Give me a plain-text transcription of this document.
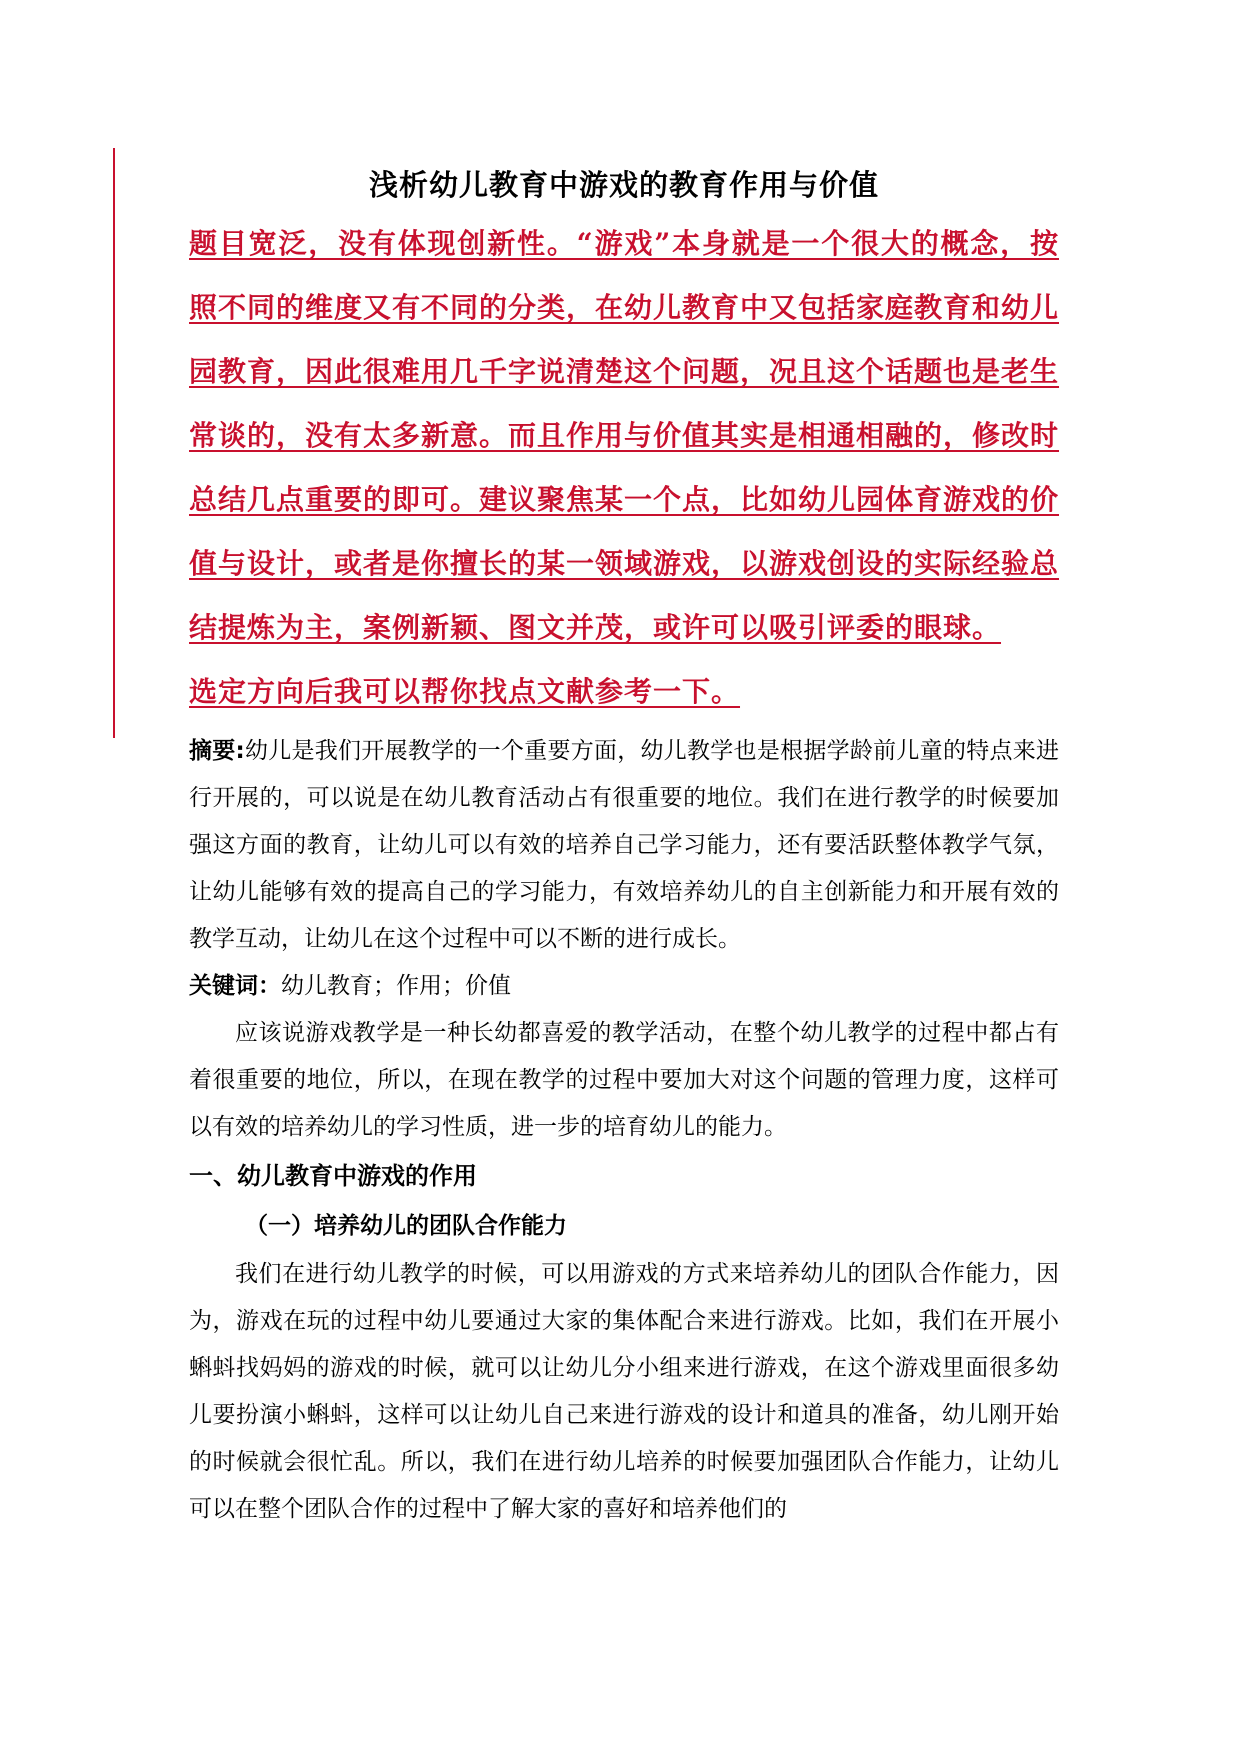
浅析幼儿教育中游戏的教育作用与价值

题目宽泛，没有体现创新性。“游戏”本身就是一个很大的概念，按照不同的维度又有不同的分类，在幼儿教育中又包括家庭教育和幼儿园教育，因此很难用几千字说清楚这个问题，况且这个话题也是老生常谈的，没有太多新意。而且作用与价值其实是相通相融的，修改时总结几点重要的即可。建议聚焦某一个点，比如幼儿园体育游戏的价值与设计，或者是你擅长的某一领域游戏，以游戏创设的实际经验总结提炼为主，案例新颖、图文并茂，或许可以吸引评委的眼球。

选定方向后我可以帮你找点文献参考一下。

摘要:幼儿是我们开展教学的一个重要方面，幼儿教学也是根据学龄前儿童的特点来进行开展的，可以说是在幼儿教育活动占有很重要的地位。我们在进行教学的时候要加强这方面的教育，让幼儿可以有效的培养自己学习能力，还有要活跃整体教学气氛，让幼儿能够有效的提高自己的学习能力，有效培养幼儿的自主创新能力和开展有效的教学互动，让幼儿在这个过程中可以不断的进行成长。

关键词：幼儿教育；作用；价值

应该说游戏教学是一种长幼都喜爱的教学活动，在整个幼儿教学的过程中都占有着很重要的地位，所以，在现在教学的过程中要加大对这个问题的管理力度，这样可以有效的培养幼儿的学习性质，进一步的培育幼儿的能力。

一、幼儿教育中游戏的作用
（一）培养幼儿的团队合作能力

我们在进行幼儿教学的时候，可以用游戏的方式来培养幼儿的团队合作能力，因为，游戏在玩的过程中幼儿要通过大家的集体配合来进行游戏。比如，我们在开展小蝌蚪找妈妈的游戏的时候，就可以让幼儿分小组来进行游戏，在这个游戏里面很多幼儿要扮演小蝌蚪，这样可以让幼儿自己来进行游戏的设计和道具的准备，幼儿刚开始的时候就会很忙乱。所以，我们在进行幼儿培养的时候要加强团队合作能力，让幼儿可以在整个团队合作的过程中了解大家的喜好和培养他们的
